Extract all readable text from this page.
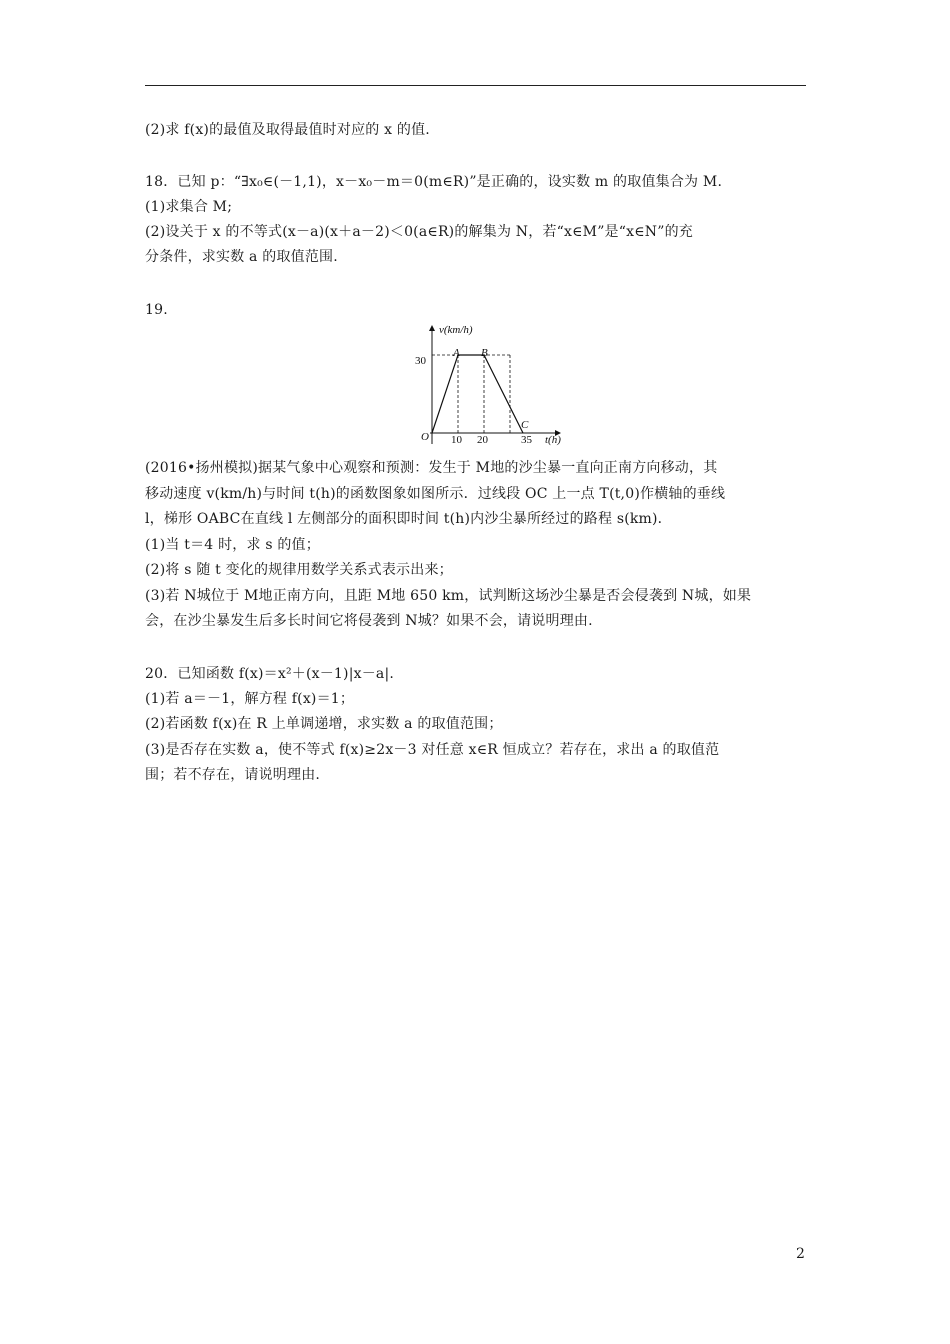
(2)求 f(x)的最值及取得最值时对应的 x 的值.
18．已知 p：“∃x₀∈(－1,1)，x－x₀－m＝0(m∈R)”是正确的，设实数 m 的取值集合为 M.
(1)求集合 M;
(2)设关于 x 的不等式(x－a)(x＋a－2)＜0(a∈R)的解集为 N，若“x∈M”是“x∈N”的充
分条件，求实数 a 的取值范围.
19.
v(km/h)
t(h)
30
O
A B
C
10 20	35
(2016•扬州模拟)据某气象中心观察和预测：发生于 M地的沙尘暴一直向正南方向移动，其
移动速度 v(km/h)与时间 t(h)的函数图象如图所示．过线段 OC 上一点 T(t,0)作横轴的垂线
l，梯形 OABC在直线 l 左侧部分的面积即时间 t(h)内沙尘暴所经过的路程 s(km)．
(1)当 t＝4 时，求 s 的值；
(2)将 s 随 t 变化的规律用数学关系式表示出来；
(3)若 N城位于 M地正南方向，且距 M地 650 km，试判断这场沙尘暴是否会侵袭到 N城，如果
会，在沙尘暴发生后多长时间它将侵袭到 N城？如果不会，请说明理由.
20．已知函数 f(x)＝x²＋(x－1)|x－a|.
(1)若 a＝－1，解方程 f(x)＝1；
(2)若函数 f(x)在 R 上单调递增，求实数 a 的取值范围；
(3)是否存在实数 a，使不等式 f(x)≥2x－3 对任意 x∈R 恒成立？若存在，求出 a 的取值范
围；若不存在，请说明理由.
2
